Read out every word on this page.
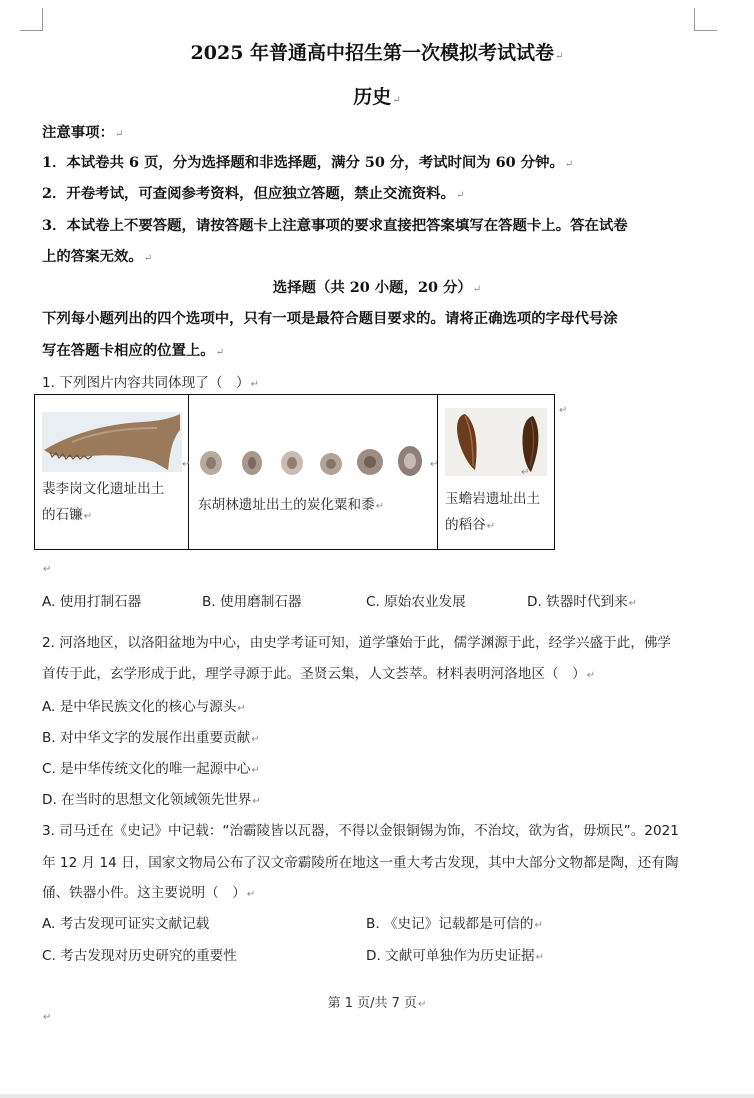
2025 年普通高中招生第一次模拟考试试卷↵
历史↵
注意事项：↵
1．本试卷共 6 页，分为选择题和非选择题，满分 50 分，考试时间为 60 分钟。↵
2．开卷考试，可查阅参考资料，但应独立答题，禁止交流资料。↵
3．本试卷上不要答题，请按答题卡上注意事项的要求直接把答案填写在答题卡上。答在试卷
上的答案无效。↵
选择题（共 20 小题，20 分）↵
下列每小题列出的四个选项中，只有一项是最符合题目要求的。请将正确选项的字母代号涂
写在答题卡相应的位置上。↵
1. 下列图片内容共同体现了（　）↵
↵
裴李岗文化遗址出土
的石镰↵

↵
东胡林遗址出土的炭化粟和黍↵

↵
玉蟾岩遗址出土
的稻谷↵
↵
↵
A. 使用打制石器	B. 使用磨制石器	C. 原始农业发展	D. 铁器时代到来↵
2. 河洛地区，以洛阳盆地为中心，由史学考证可知，道学肇始于此，儒学渊源于此，经学兴盛于此，佛学
首传于此，玄学形成于此，理学寻源于此。圣贤云集，人文荟萃。材料表明河洛地区（　）↵
A. 是中华民族文化的核心与源头↵
B. 对中华文字的发展作出重要贡献↵
C. 是中华传统文化的唯一起源中心↵
D. 在当时的思想文化领域领先世界↵
3. 司马迁在《史记》中记载：“治霸陵皆以瓦器，不得以金银铜锡为饰，不治坟，欲为省，毋烦民”。2021
年 12 月 14 日，国家文物局公布了汉文帝霸陵所在地这一重大考古发现，其中大部分文物都是陶，还有陶
俑、铁器小件。这主要说明（　）↵
A. 考古发现可证实文献记载	B. 《史记》记载都是可信的↵
C. 考古发现对历史研究的重要性	D. 文献可单独作为历史证据↵
第 1 页/共 7 页↵
↵
